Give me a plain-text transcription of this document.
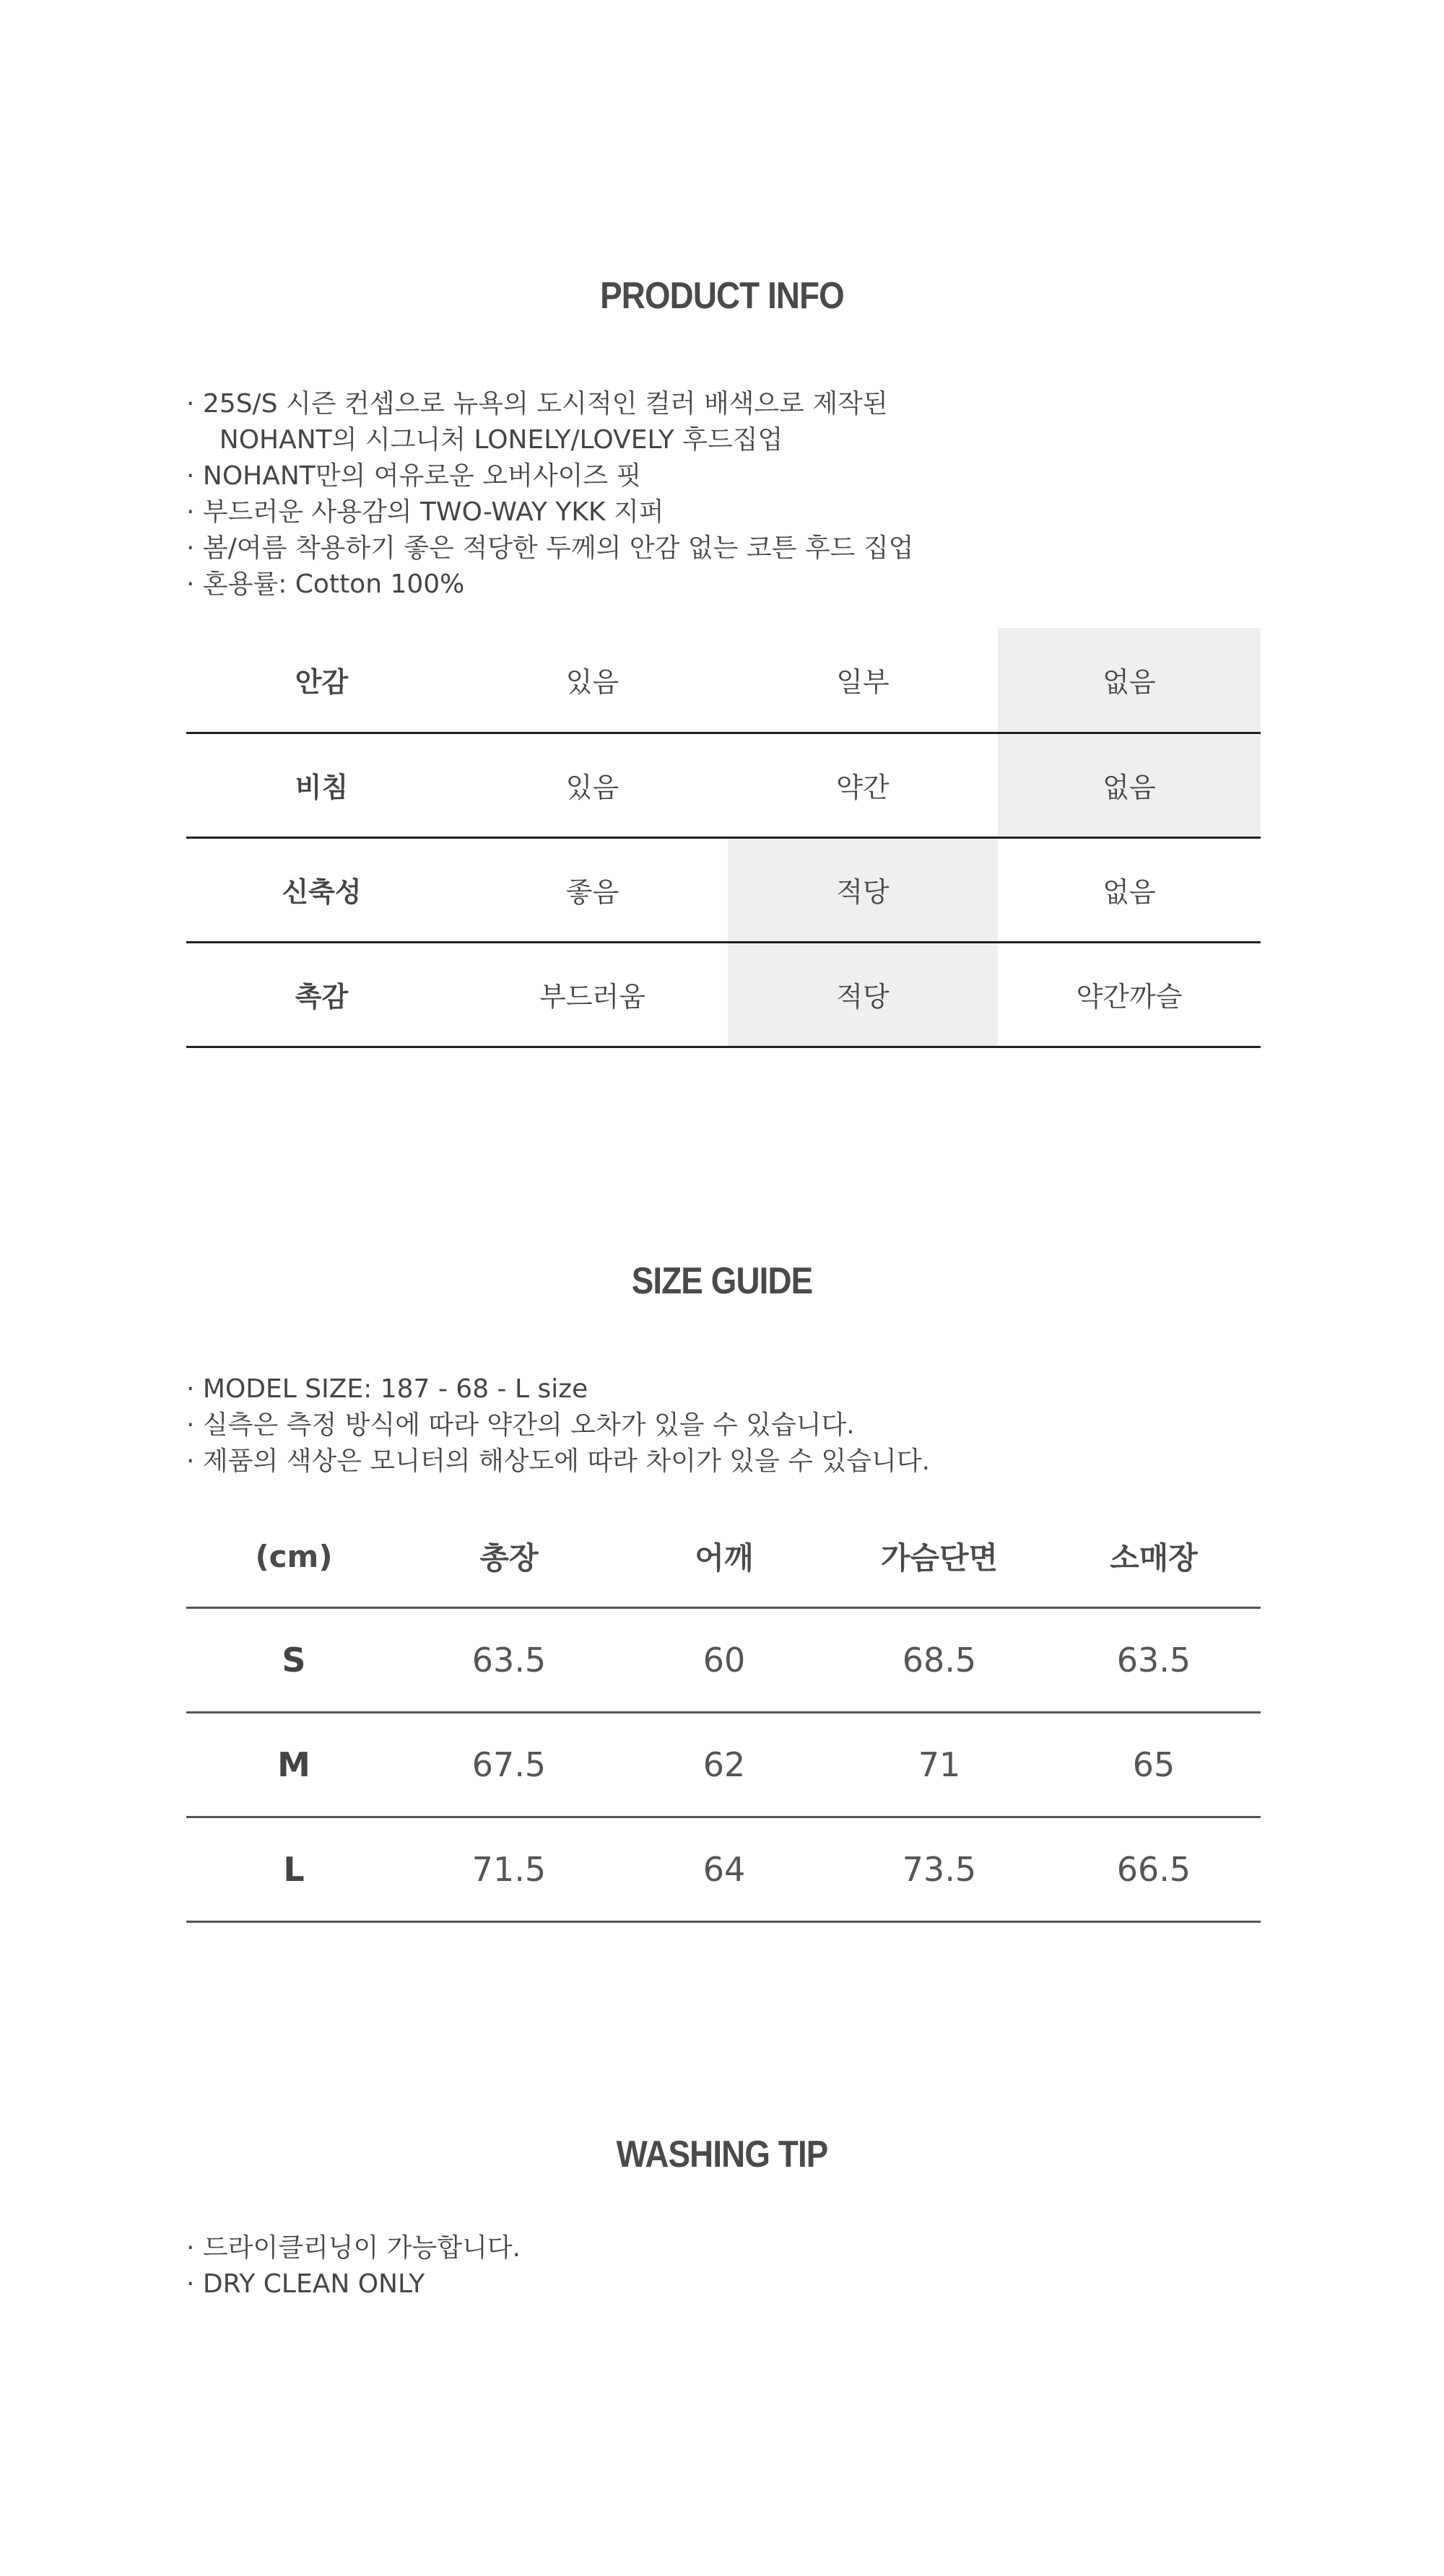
PRODUCT INFO
· 25S/S 시즌 컨셉으로 뉴욕의 도시적인 컬러 배색으로 제작된
NOHANT의 시그니처 LONELY/LOVELY 후드집업
· NOHANT만의 여유로운 오버사이즈 핏
· 부드러운 사용감의 TWO-WAY YKK 지퍼
· 봄/여름 착용하기 좋은 적당한 두께의 안감 없는 코튼 후드 집업
· 혼용률: Cotton 100%
안감	있음	일부	없음
비침	있음	약간	없음
신축성	좋음	적당	없음
촉감	부드러움	적당	약간까슬
SIZE GUIDE
· MODEL SIZE: 187 - 68 - L size
· 실측은 측정 방식에 따라 약간의 오차가 있을 수 있습니다.
· 제품의 색상은 모니터의 해상도에 따라 차이가 있을 수 있습니다.
(cm)	총장	어깨	가슴단면	소매장
S	63.5	60	68.5	63.5
M	67.5	62	71	65
L	71.5	64	73.5	66.5
WASHING TIP
· 드라이클리닝이 가능합니다.
· DRY CLEAN ONLY
